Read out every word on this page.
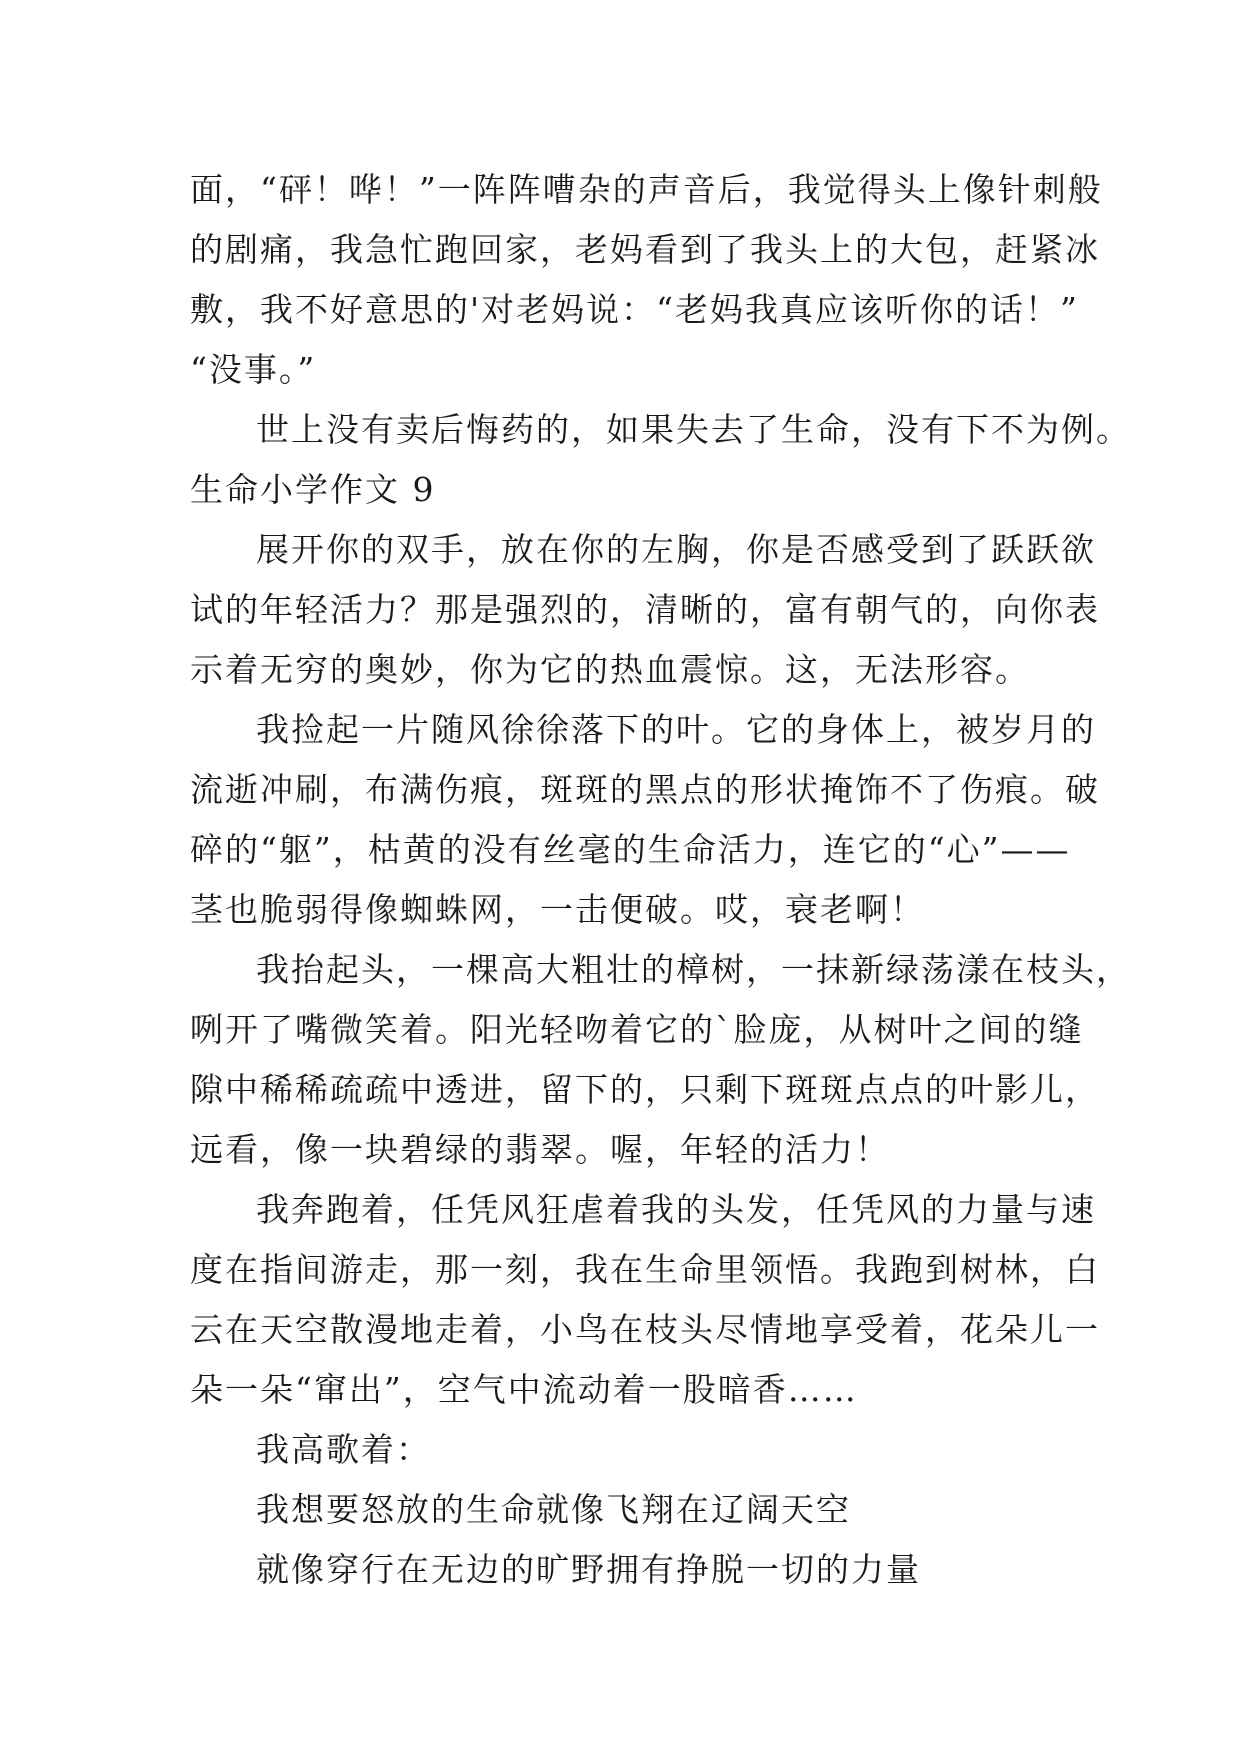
面，“砰！哗！”一阵阵嘈杂的声音后，我觉得头上像针刺般
的剧痛，我急忙跑回家，老妈看到了我头上的大包，赶紧冰
敷，我不好意思的'对老妈说：“老妈我真应该听你的话！”
“没事。”
世上没有卖后悔药的，如果失去了生命，没有下不为例。
生命小学作文 9
展开你的双手，放在你的左胸，你是否感受到了跃跃欲
试的年轻活力？那是强烈的，清晰的，富有朝气的，向你表
示着无穷的奥妙，你为它的热血震惊。这，无法形容。
我捡起一片随风徐徐落下的叶。它的身体上，被岁月的
流逝冲刷，布满伤痕，斑斑的黑点的形状掩饰不了伤痕。破
碎的“躯”，枯黄的没有丝毫的生命活力，连它的“心”——
茎也脆弱得像蜘蛛网，一击便破。哎，衰老啊！
我抬起头，一棵高大粗壮的樟树，一抹新绿荡漾在枝头，
咧开了嘴微笑着。阳光轻吻着它的`脸庞，从树叶之间的缝
隙中稀稀疏疏中透进，留下的，只剩下斑斑点点的叶影儿，
远看，像一块碧绿的翡翠。喔，年轻的活力！
我奔跑着，任凭风狂虐着我的头发，任凭风的力量与速
度在指间游走，那一刻，我在生命里领悟。我跑到树林，白
云在天空散漫地走着，小鸟在枝头尽情地享受着，花朵儿一
朵一朵“窜出”，空气中流动着一股暗香……
我高歌着：
我想要怒放的生命就像飞翔在辽阔天空
就像穿行在无边的旷野拥有挣脱一切的力量
